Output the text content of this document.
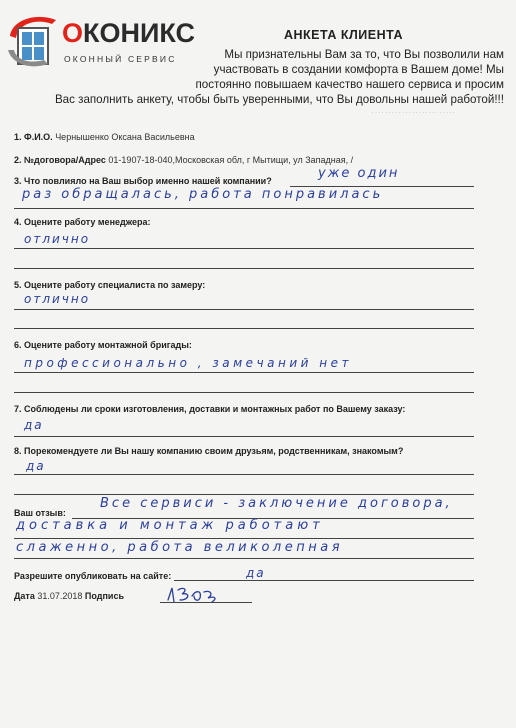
ОКОНИКС
ОКОННЫЙ СЕРВИС
АНКЕТА КЛИЕНТА
Мы признательны Вам за то, что Вы позволили нам
участвовать в создании комфорта в Вашем доме! Мы
постоянно повышаем качество нашего сервиса и просим
Вас заполнить анкету, чтобы быть уверенными, что Вы довольны нашей работой!!!
. . . . . . . . . . . . . . . . . . . . . . . . .
1. Ф.И.О. Чернышенко Оксана Васильевна
2. №договора/Адрес 01-1907-18-040,Московская обл, г Мытищи, ул Западная, /
3. Что повлияло на Ваш выбор именно нашей компании?	уже один
раз обращалась, работа понравилась
4. Оцените работу менеджера:
отлично
5. Оцените работу специалиста по замеру:
отлично
6. Оцените работу монтажной бригады:
профессионально , замечаний нет
7. Соблюдены ли сроки изготовления, доставки и монтажных работ по Вашему заказу:
да
8. Порекомендуете ли Вы нашу компанию своим друзьям, родственникам, знакомым?
да
Ваш отзыв:
Все сервиси - заключение договора,
доставка и монтаж работают
слаженно, работа великолепная
Разрешите опубликовать на сайте:	да
Дата 31.07.2018 Подпись
